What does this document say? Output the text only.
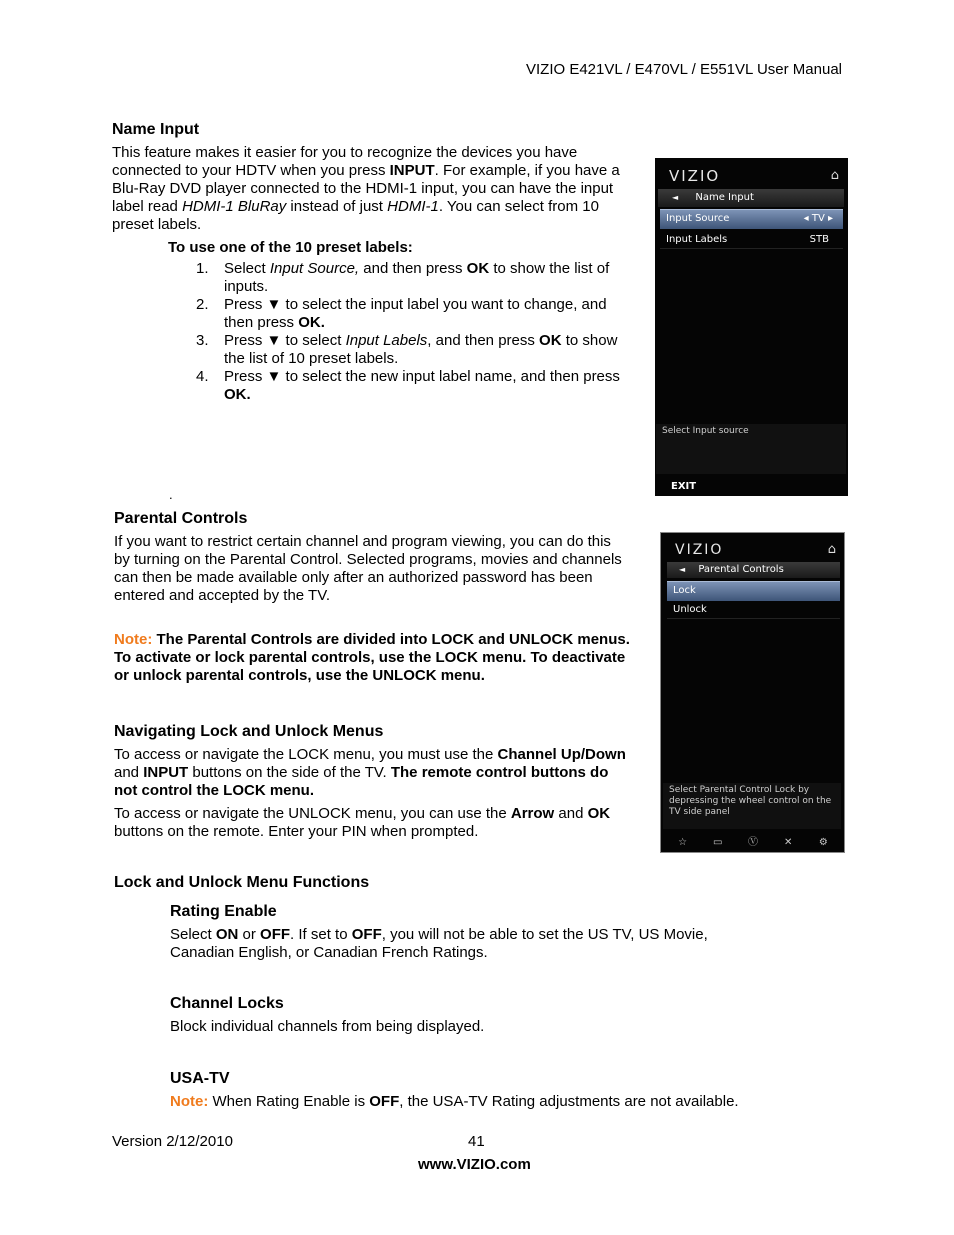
VIZIO E421VL / E470VL / E551VL User Manual
Name Input

This feature makes it easier for you to recognize the devices you have connected to your HDTV when you press INPUT. For example, if you have a Blu-Ray DVD player connected to the HDMI-1 input, you can have the input label read HDMI-1 BluRay instead of just HDMI-1. You can select from 10 preset labels.

To use one of the 10 preset labels:
1. Select Input Source, and then press OK to show the list of inputs.
2. Press ▼ to select the input label you want to change, and then press OK.
3. Press ▼ to select Input Labels, and then press OK to show the list of 10 preset labels.
4. Press ▼ to select the new input label name, and then press OK.
.
VIZIO	⌂
◄ Name Input
Input Source	◂ TV ▸
Input Labels	STB
Select Input source
EXIT
Parental Controls

If you want to restrict certain channel and program viewing, you can do this by turning on the Parental Control. Selected programs, movies and channels can then be made available only after an authorized password has been entered and accepted by the TV.

Note: The Parental Controls are divided into LOCK and UNLOCK menus. To activate or lock parental controls, use the LOCK menu. To deactivate or unlock parental controls, use the UNLOCK menu.

VIZIO	⌂
◄ Parental Controls
Lock
Unlock
Select Parental Control Lock by depressing the wheel control on the TV side panel
☆	▭	Ⓥ	✕	⚙
Navigating Lock and Unlock Menus

To access or navigate the LOCK menu, you must use the Channel Up/Down and INPUT buttons on the side of the TV. The remote control buttons do not control the LOCK menu.

To access or navigate the UNLOCK menu, you can use the Arrow and OK buttons on the remote. Enter your PIN when prompted.

Lock and Unlock Menu Functions
Rating Enable

Select ON or OFF. If set to OFF, you will not be able to set the US TV, US Movie, Canadian English, or Canadian French Ratings.

Channel Locks

Block individual channels from being displayed.

USA-TV

Note: When Rating Enable is OFF, the USA-TV Rating adjustments are not available.

Version 2/12/2010	41
www.VIZIO.com
